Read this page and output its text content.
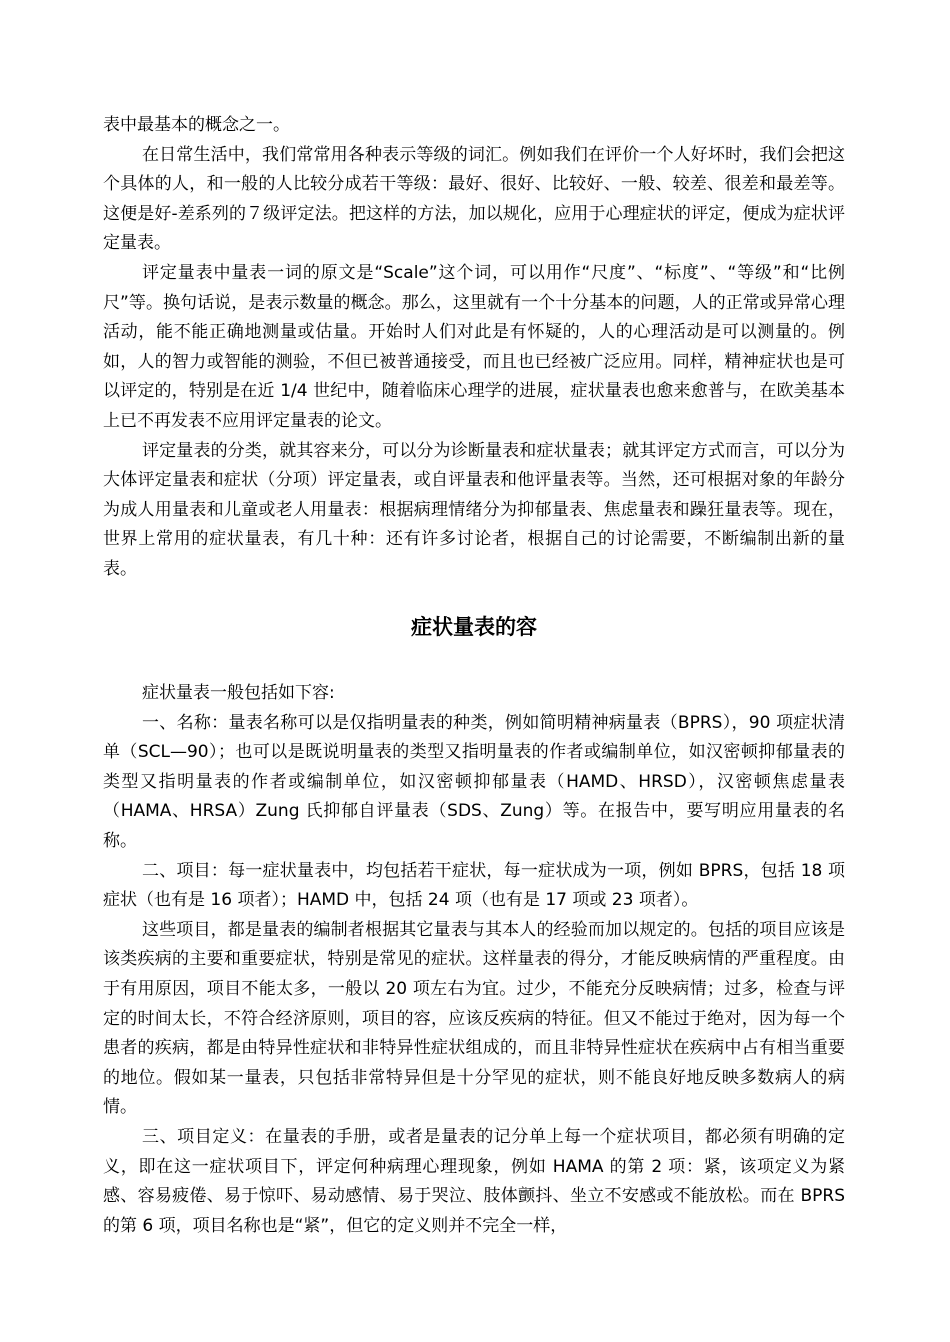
表中最基本的概念之一。

在日常生活中，我们常常用各种表示等级的词汇。例如我们在评价一个人好坏时，我们会把这个具体的人，和一般的人比较分成若干等级：最好、很好、比较好、一般、较差、很差和最差等。这便是好-差系列的７级评定法。把这样的方法，加以规化，应用于心理症状的评定，便成为症状评定量表。

评定量表中量表一词的原文是“Scale”这个词，可以用作“尺度”、“标度”、“等级”和“比例尺”等。换句话说，是表示数量的概念。那么，这里就有一个十分基本的问题，人的正常或异常心理活动，能不能正确地测量或估量。开始时人们对此是有怀疑的，人的心理活动是可以测量的。例如，人的智力或智能的测验，不但已被普通接受，而且也已经被广泛应用。同样，精神症状也是可以评定的，特别是在近 1/4 世纪中，随着临床心理学的进展，症状量表也愈来愈普与，在欧美基本上已不再发表不应用评定量表的论文。

评定量表的分类，就其容来分，可以分为诊断量表和症状量表；就其评定方式而言，可以分为大体评定量表和症状（分项）评定量表，或自评量表和他评量表等。当然，还可根据对象的年龄分为成人用量表和儿童或老人用量表：根据病理情绪分为抑郁量表、焦虑量表和躁狂量表等。现在，世界上常用的症状量表，有几十种：还有许多讨论者，根据自己的讨论需要，不断编制出新的量表。

症状量表的容

症状量表一般包括如下容:

一、名称：量表名称可以是仅指明量表的种类，例如简明精神病量表（BPRS），90 项症状清单（SCL—90）；也可以是既说明量表的类型又指明量表的作者或编制单位，如汉密顿抑郁量表的类型又指明量表的作者或编制单位，如汉密顿抑郁量表（HAMD、HRSD），汉密顿焦虑量表（HAMA、HRSA）Zung 氏抑郁自评量表（SDS、Zung）等。在报告中，要写明应用量表的名称。

二、项目：每一症状量表中，均包括若干症状，每一症状成为一项，例如 BPRS，包括 18 项症状（也有是 16 项者）；HAMD 中，包括 24 项（也有是 17 项或 23 项者）。

这些项目，都是量表的编制者根据其它量表与其本人的经验而加以规定的。包括的项目应该是该类疾病的主要和重要症状，特别是常见的症状。这样量表的得分，才能反映病情的严重程度。由于有用原因，项目不能太多，一般以 20 项左右为宜。过少，不能充分反映病情；过多，检查与评定的时间太长，不符合经济原则，项目的容，应该反疾病的特征。但又不能过于绝对，因为每一个患者的疾病，都是由特异性症状和非特异性症状组成的，而且非特异性症状在疾病中占有相当重要的地位。假如某一量表，只包括非常特异但是十分罕见的症状，则不能良好地反映多数病人的病情。

三、项目定义：在量表的手册，或者是量表的记分单上每一个症状项目，都必须有明确的定义，即在这一症状项目下，评定何种病理心理现象，例如 HAMA 的第 2 项：紧，该项定义为紧感、容易疲倦、易于惊吓、易动感情、易于哭泣、肢体颤抖、坐立不安感或不能放松。而在 BPRS 的第 6 项，项目名称也是“紧”，但它的定义则并不完全一样，
